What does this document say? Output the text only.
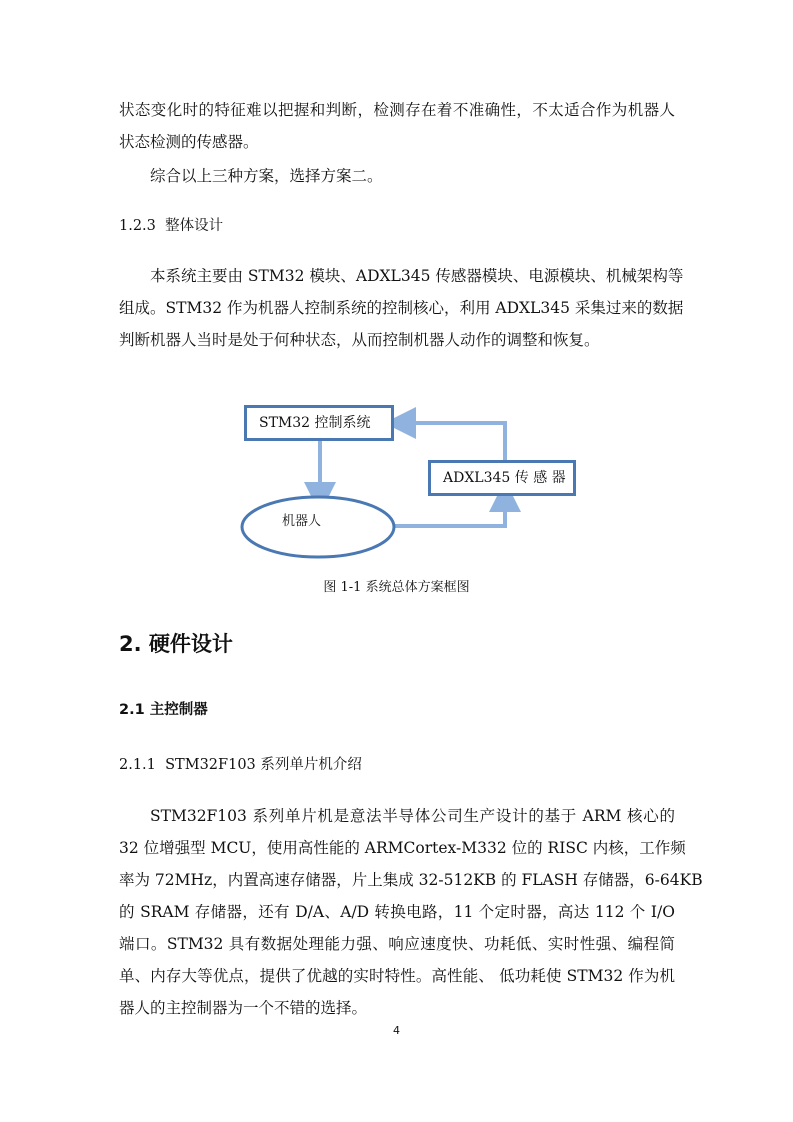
状态变化时的特征难以把握和判断，检测存在着不准确性，不太适合作为机器人
状态检测的传感器。
综合以上三种方案，选择方案二。
1.2.3 整体设计
本系统主要由 STM32 模块、ADXL345 传感器模块、电源模块、机械架构等
组成。STM32 作为机器人控制系统的控制核心，利用 ADXL345 采集过来的数据
判断机器人当时是处于何种状态，从而控制机器人动作的调整和恢复。
STM32 控制系统
ADXL345 传 感 器
机器人
图 1-1 系统总体方案框图
2. 硬件设计
2.1 主控制器
2.1.1 STM32F103 系列单片机介绍
STM32F103 系列单片机是意法半导体公司生产设计的基于 ARM 核心的
32 位增强型 MCU，使用高性能的 ARMCortex-M332 位的 RISC 内核，工作频
率为 72MHz，内置高速存储器，片上集成 32-512KB 的 FLASH 存储器，6-64KB
的 SRAM 存储器，还有 D/A、A/D 转换电路，11 个定时器，高达 112 个 I/O
端口。STM32 具有数据处理能力强、响应速度快、功耗低、实时性强、编程简
单、内存大等优点，提供了优越的实时特性。高性能、 低功耗使 STM32 作为机
器人的主控制器为一个不错的选择。
4
